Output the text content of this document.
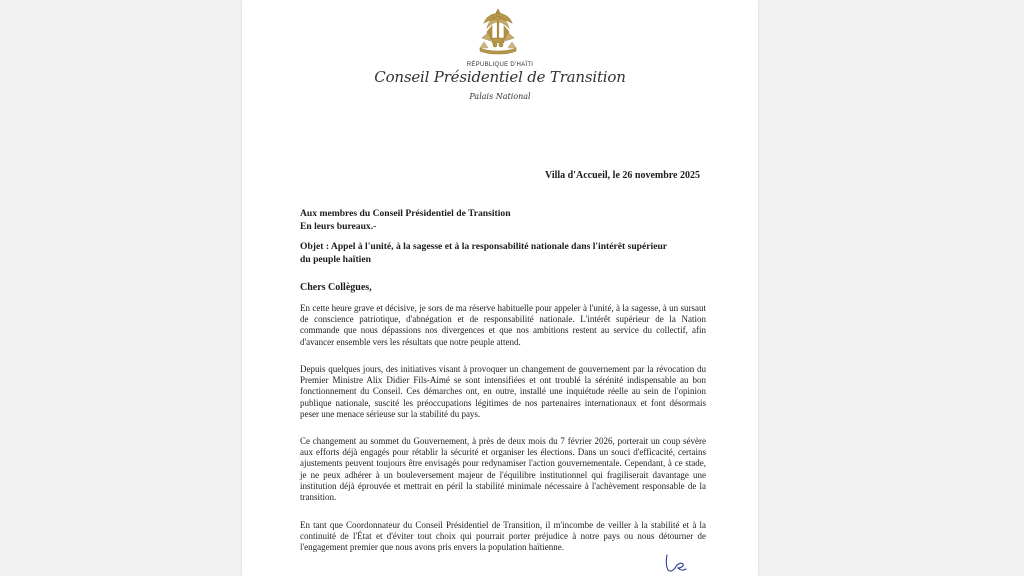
RÉPUBLIQUE D'HAÏTI
Conseil Présidentiel de Transition
Palais National
Villa d'Accueil, le 26 novembre 2025
Aux membres du Conseil Présidentiel de Transition
En leurs bureaux.-
Objet : Appel à l'unité, à la sagesse et à la responsabilité nationale dans l'intérêt supérieur
du peuple haïtien
Chers Collègues,
En cette heure grave et décisive, je sors de ma réserve habituelle pour appeler à l'unité, à la sagesse, à un sursaut de conscience patriotique, d'abnégation et de responsabilité nationale. L'intérêt supérieur de la Nation commande que nous dépassions nos divergences et que nos ambitions restent au service du collectif, afin d'avancer ensemble vers les résultats que notre peuple attend.
Depuis quelques jours, des initiatives visant à provoquer un changement de gouvernement par la révocation du Premier Ministre Alix Didier Fils-Aimé se sont intensifiées et ont troublé la sérénité indispensable au bon fonctionnement du Conseil. Ces démarches ont, en outre, installé une inquiétude réelle au sein de l'opinion publique nationale, suscité les préoccupations légitimes de nos partenaires internationaux et font désormais peser une menace sérieuse sur la stabilité du pays.
Ce changement au sommet du Gouvernement, à près de deux mois du 7 février 2026, porterait un coup sévère aux efforts déjà engagés pour rétablir la sécurité et organiser les élections. Dans un souci d'efficacité, certains ajustements peuvent toujours être envisagés pour redynamiser l'action gouvernementale. Cependant, à ce stade, je ne peux adhérer à un bouleversement majeur de l'équilibre institutionnel qui fragiliserait davantage une institution déjà éprouvée et mettrait en péril la stabilité minimale nécessaire à l'achèvement responsable de la transition.
En tant que Coordonnateur du Conseil Présidentiel de Transition, il m'incombe de veiller à la stabilité et à la continuité de l'État et d'éviter tout choix qui pourrait porter préjudice à notre pays ou nous détourner de l'engagement premier que nous avons pris envers la population haïtienne.
